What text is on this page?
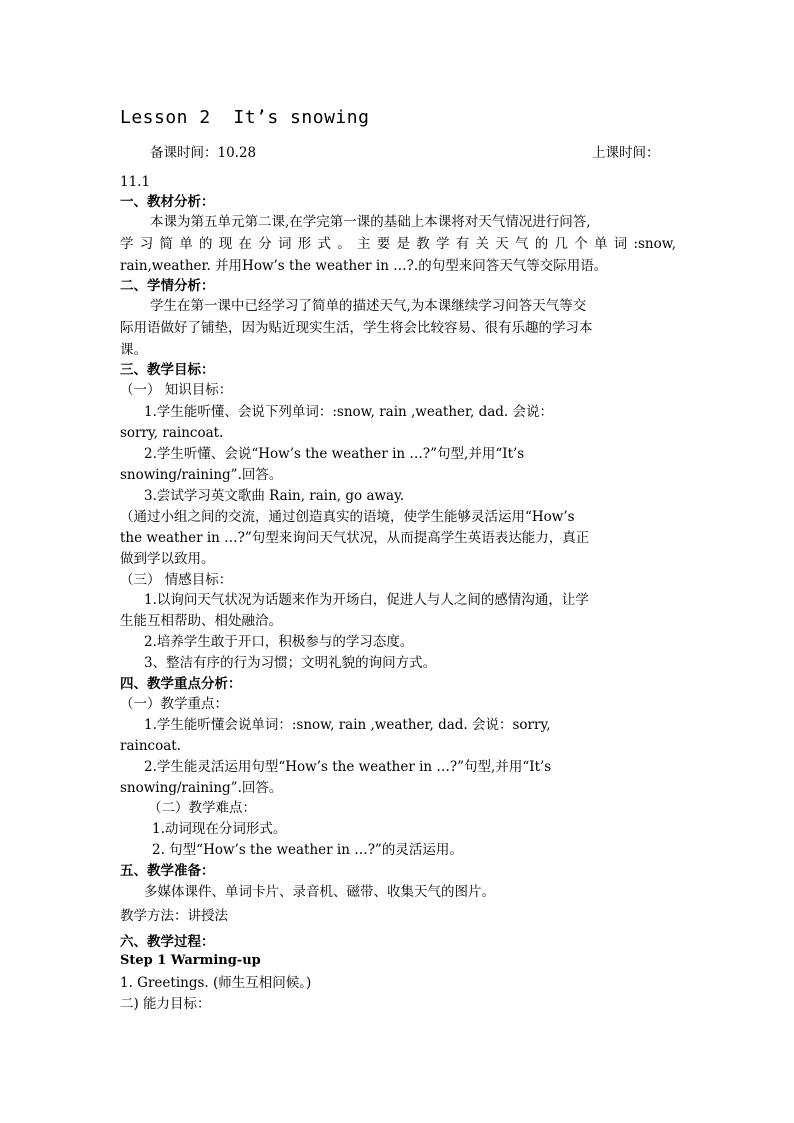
Lesson 2  It’s snowing
备课时间：10.28	上课时间：
11.1
一、教材分析：
本课为第五单元第二课,在学完第一课的基础上本课将对天气情况进行问答,
学习简单的现在分词形式。主要是教学有关天气的几个单词:snow,
rain,weather. 并用How’s the weather in …?.的句型来问答天气等交际用语。
二、学情分析：
学生在第一课中已经学习了简单的描述天气,为本课继续学习问答天气等交
际用语做好了铺垫，因为贴近现实生活，学生将会比较容易、很有乐趣的学习本
课。
三、教学目标：
（一） 知识目标：
1.学生能听懂、会说下列单词：:snow, rain ,weather, dad. 会说：
sorry, raincoat.
2.学生听懂、会说“How’s the weather in …?”句型,并用“It’s
snowing/raining”.回答。
3.尝试学习英文歌曲 Rain, rain, go away.
（通过小组之间的交流，通过创造真实的语境，使学生能够灵活运用“How’s
the weather in …?”句型来询问天气状况，从而提高学生英语表达能力，真正
做到学以致用。
（三） 情感目标：
1.以询问天气状况为话题来作为开场白，促进人与人之间的感情沟通，让学
生能互相帮助、相处融洽。
2.培养学生敢于开口，积极参与的学习态度。
3、整洁有序的行为习惯；文明礼貌的询问方式。
四、教学重点分析：
（一）教学重点：
1.学生能听懂会说单词：:snow, rain ,weather, dad. 会说：sorry,
raincoat.
2.学生能灵活运用句型“How’s the weather in …?”句型,并用“It’s
snowing/raining”.回答。
（二）教学难点：
1.动词现在分词形式。
2. 句型“How’s the weather in …?”的灵活运用。
五、教学准备：
多媒体课件、单词卡片、录音机、磁带、收集天气的图片。
教学方法：讲授法
六、教学过程：
Step 1 Warming-up
1. Greetings. (师生互相问候。)
二) 能力目标：
